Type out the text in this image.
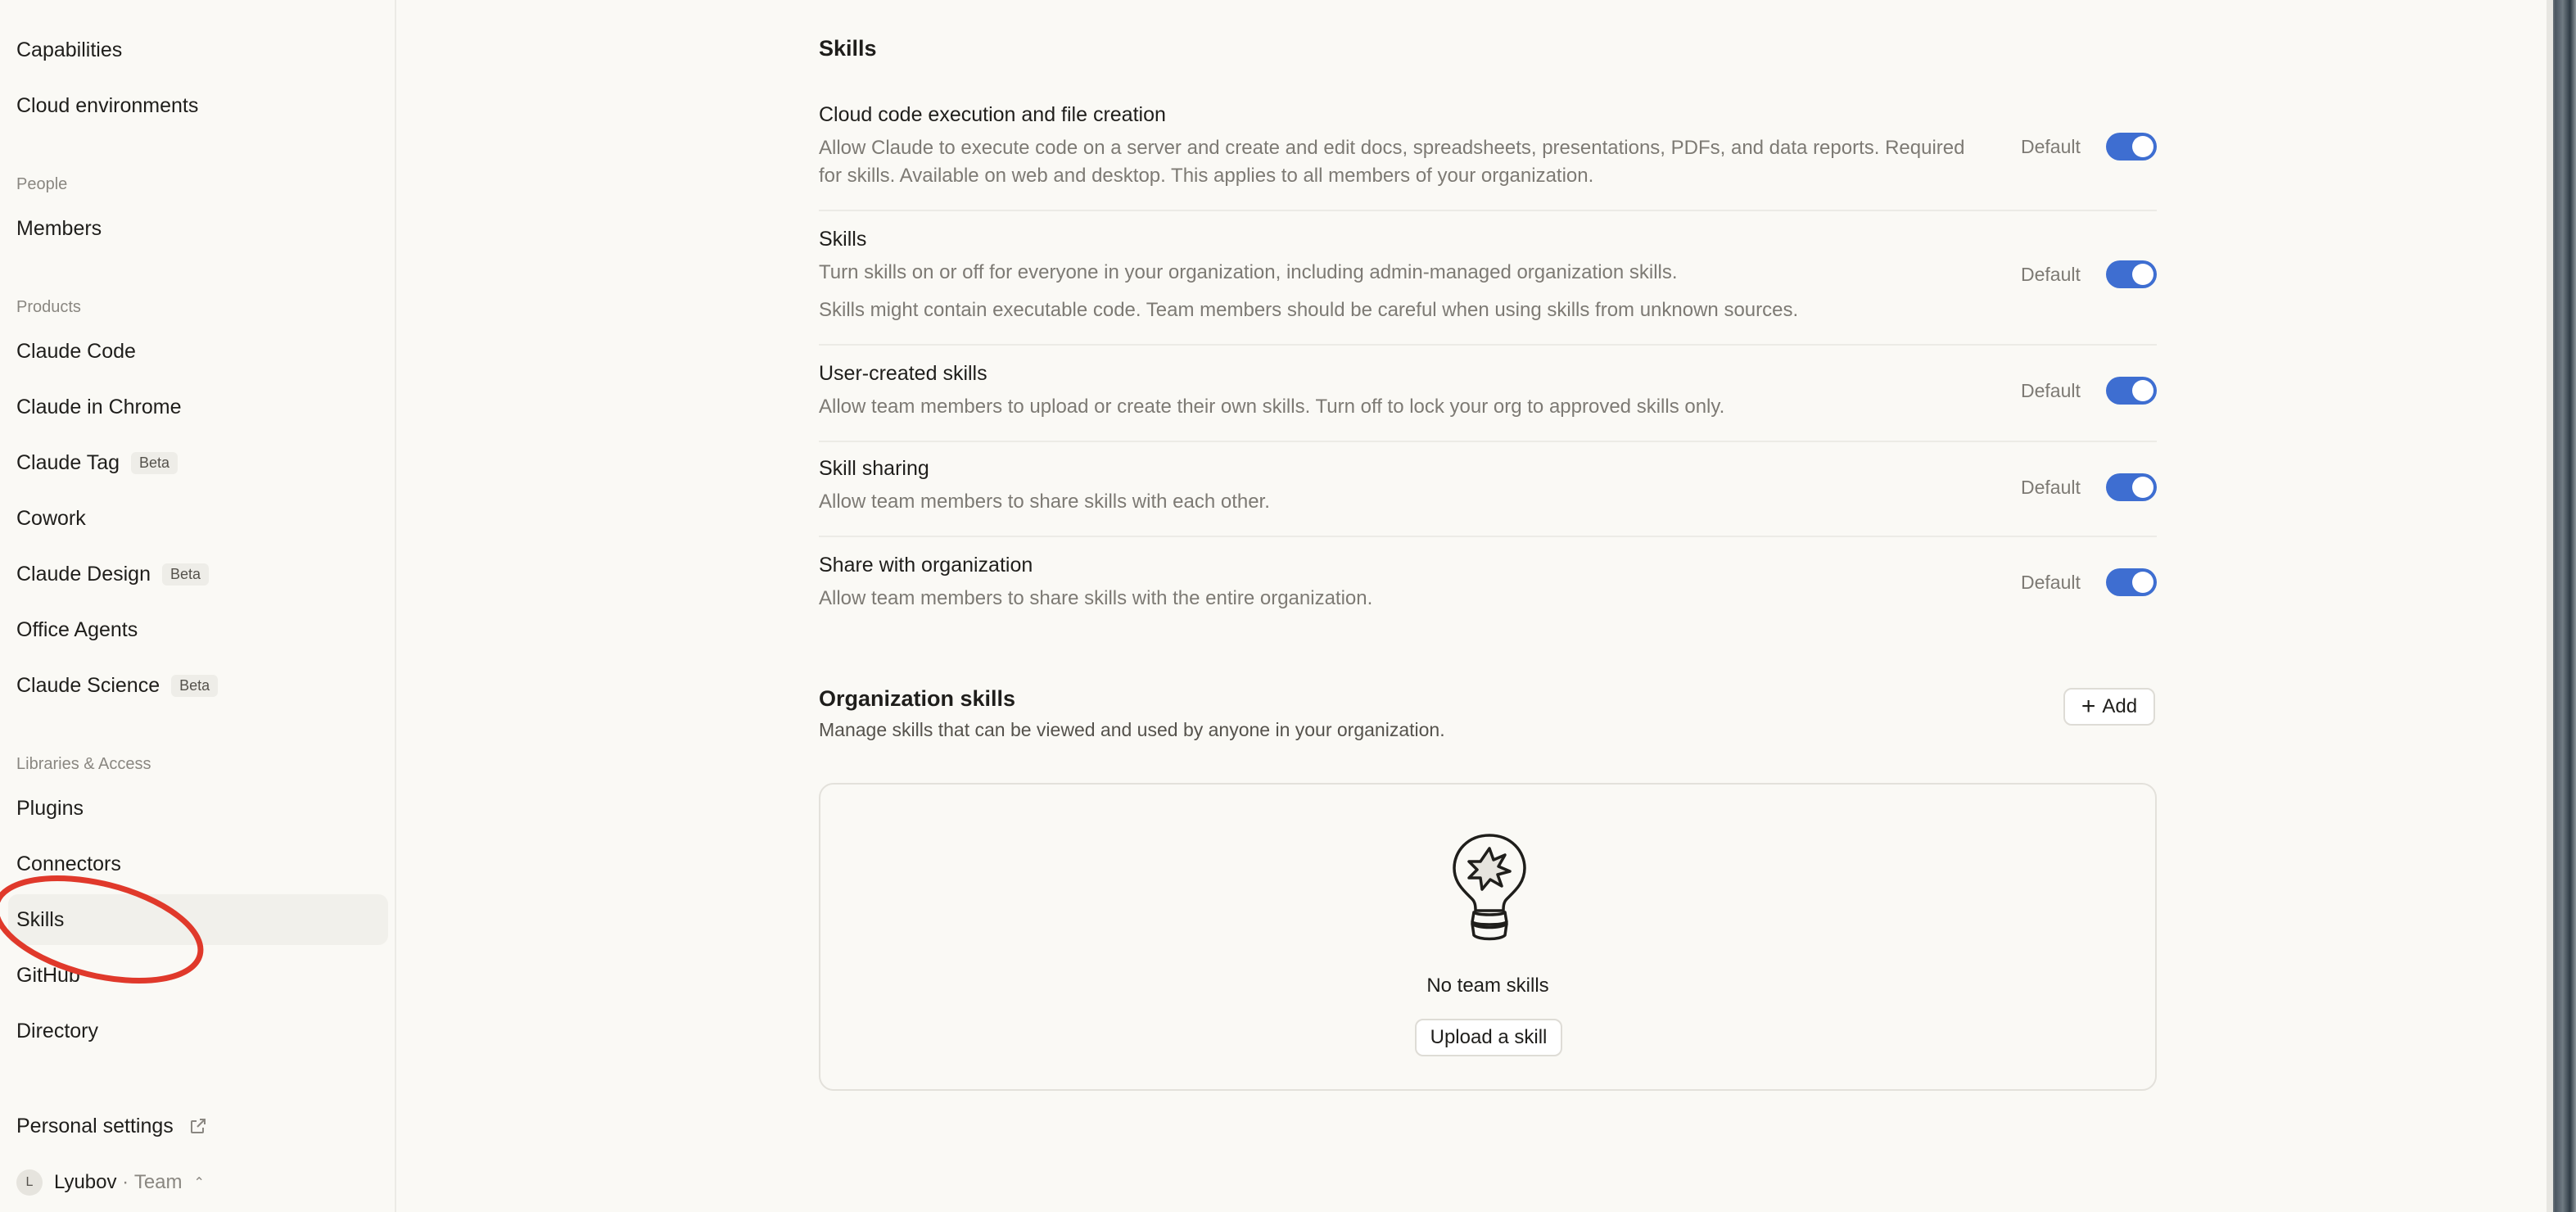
Capabilities
Cloud environments
People
Members
Products
Claude Code
Claude in Chrome
Claude Tag	Beta
Cowork
Claude Design	Beta
Office Agents
Claude Science	Beta
Libraries & Access
Plugins
Connectors
Skills
GitHub
Directory
Personal settings
L	Lyubov · Team ⌃
Skills
Cloud code execution and file creation
Allow Claude to execute code on a server and create and edit docs, spreadsheets, presentations, PDFs, and data reports. Required for skills. Available on web and desktop. This applies to all members of your organization.
Default
Skills
Turn skills on or off for everyone in your organization, including admin-managed organization skills.
Skills might contain executable code. Team members should be careful when using skills from unknown sources.
Default
User-created skills
Allow team members to upload or create their own skills. Turn off to lock your org to approved skills only.
Default
Skill sharing
Allow team members to share skills with each other.
Default
Share with organization
Allow team members to share skills with the entire organization.
Default
Organization skills
Manage skills that can be viewed and used by anyone in your organization.
+ Add
No team skills
Upload a skill
